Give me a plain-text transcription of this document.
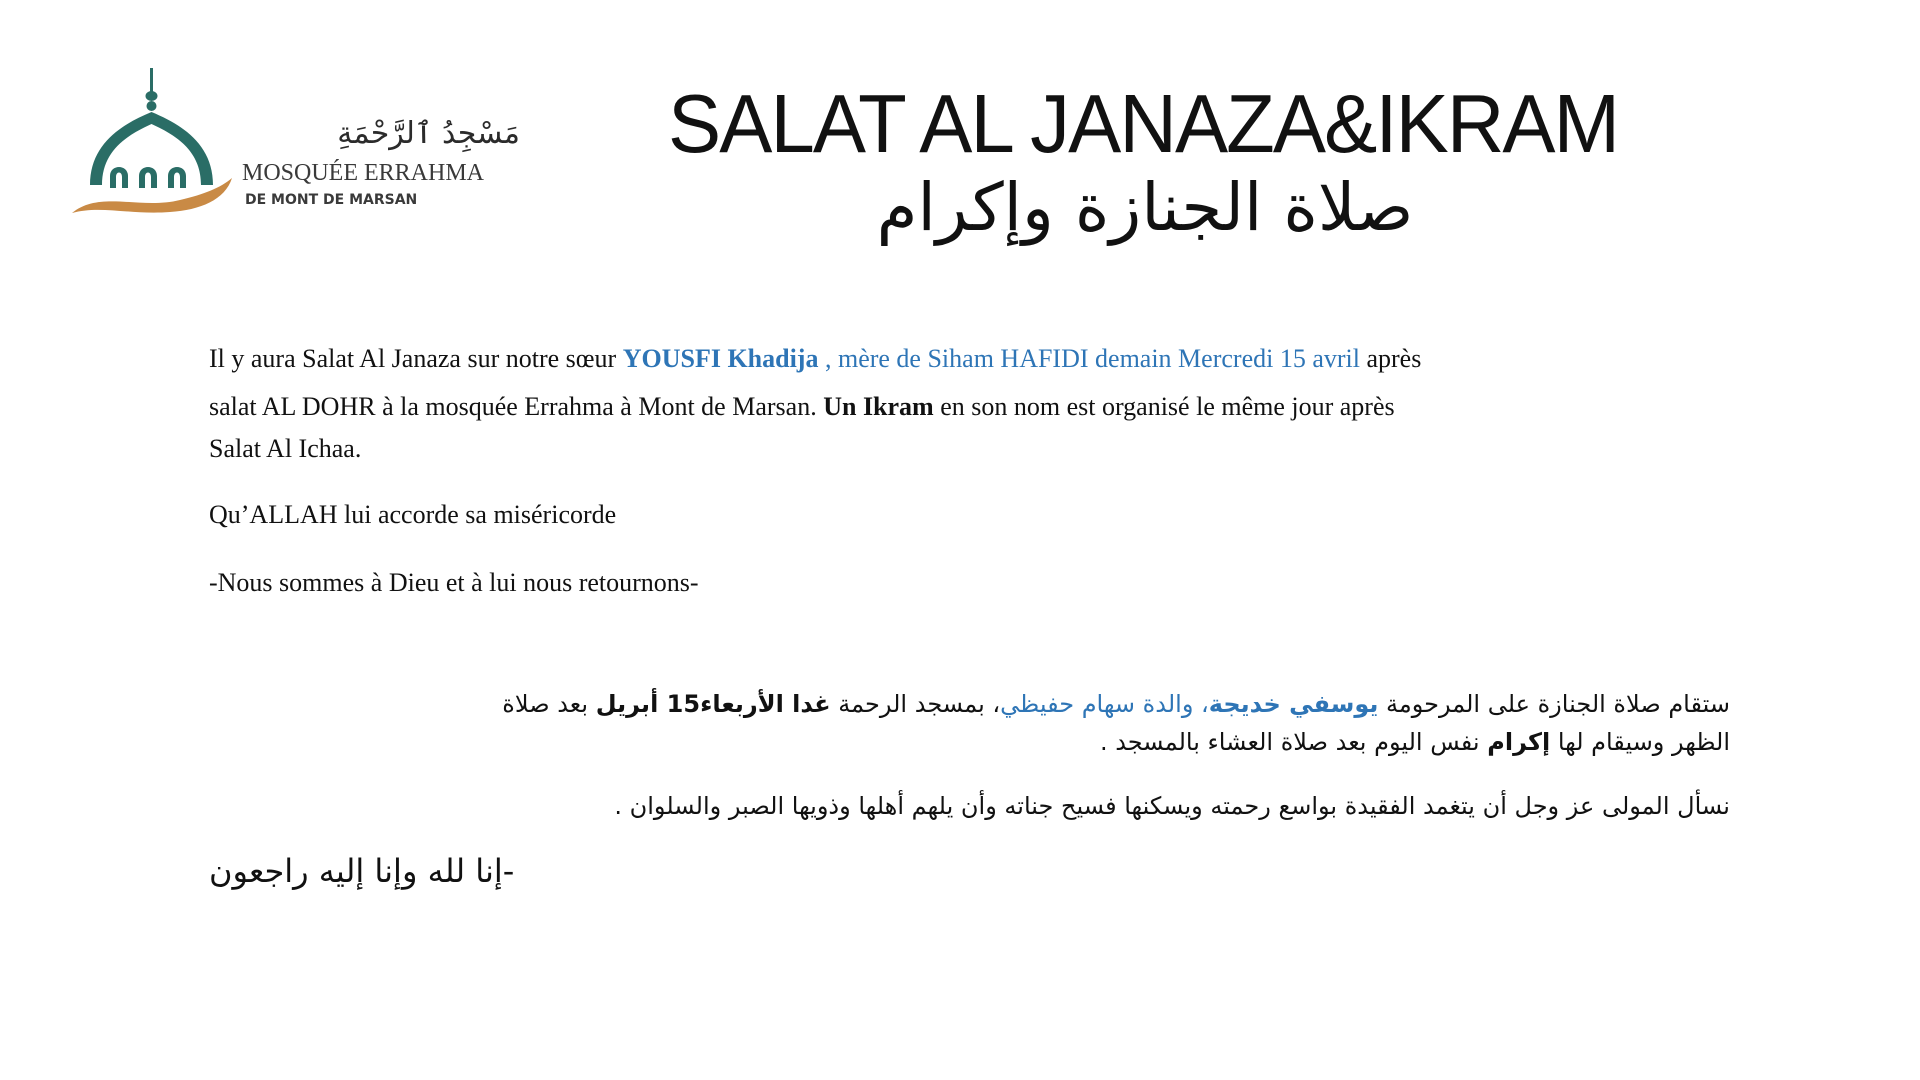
مَسْجِدُ ٱلرَّحْمَةِ
MOSQUÉE ERRAHMA
DE MONT DE MARSAN
SALAT AL JANAZA&IKRAM
صلاة الجنازة وإكرام
Il y aura Salat Al Janaza sur notre sœur YOUSFI Khadija , mère de Siham HAFIDI demain Mercredi 15 avril après
salat AL DOHR à la mosquée Errahma à Mont de Marsan. Un Ikram en son nom est organisé le même jour après
Salat Al Ichaa.
Qu’ALLAH lui accorde sa miséricorde
-Nous sommes à Dieu et à lui nous retournons-
ستقام صلاة الجنازة على المرحومة يوسفي خديجة، والدة سهام حفيظي، بمسجد الرحمة غدا الأربعاء15 أبريل بعد صلاة
الظهر وسيقام لها إكرام نفس اليوم بعد صلاة العشاء بالمسجد .
نسأل المولى عز وجل أن يتغمد الفقيدة بواسع رحمته ويسكنها فسيح جناته وأن يلهم أهلها وذويها الصبر والسلوان .
-إنا لله وإنا إليه راجعون
